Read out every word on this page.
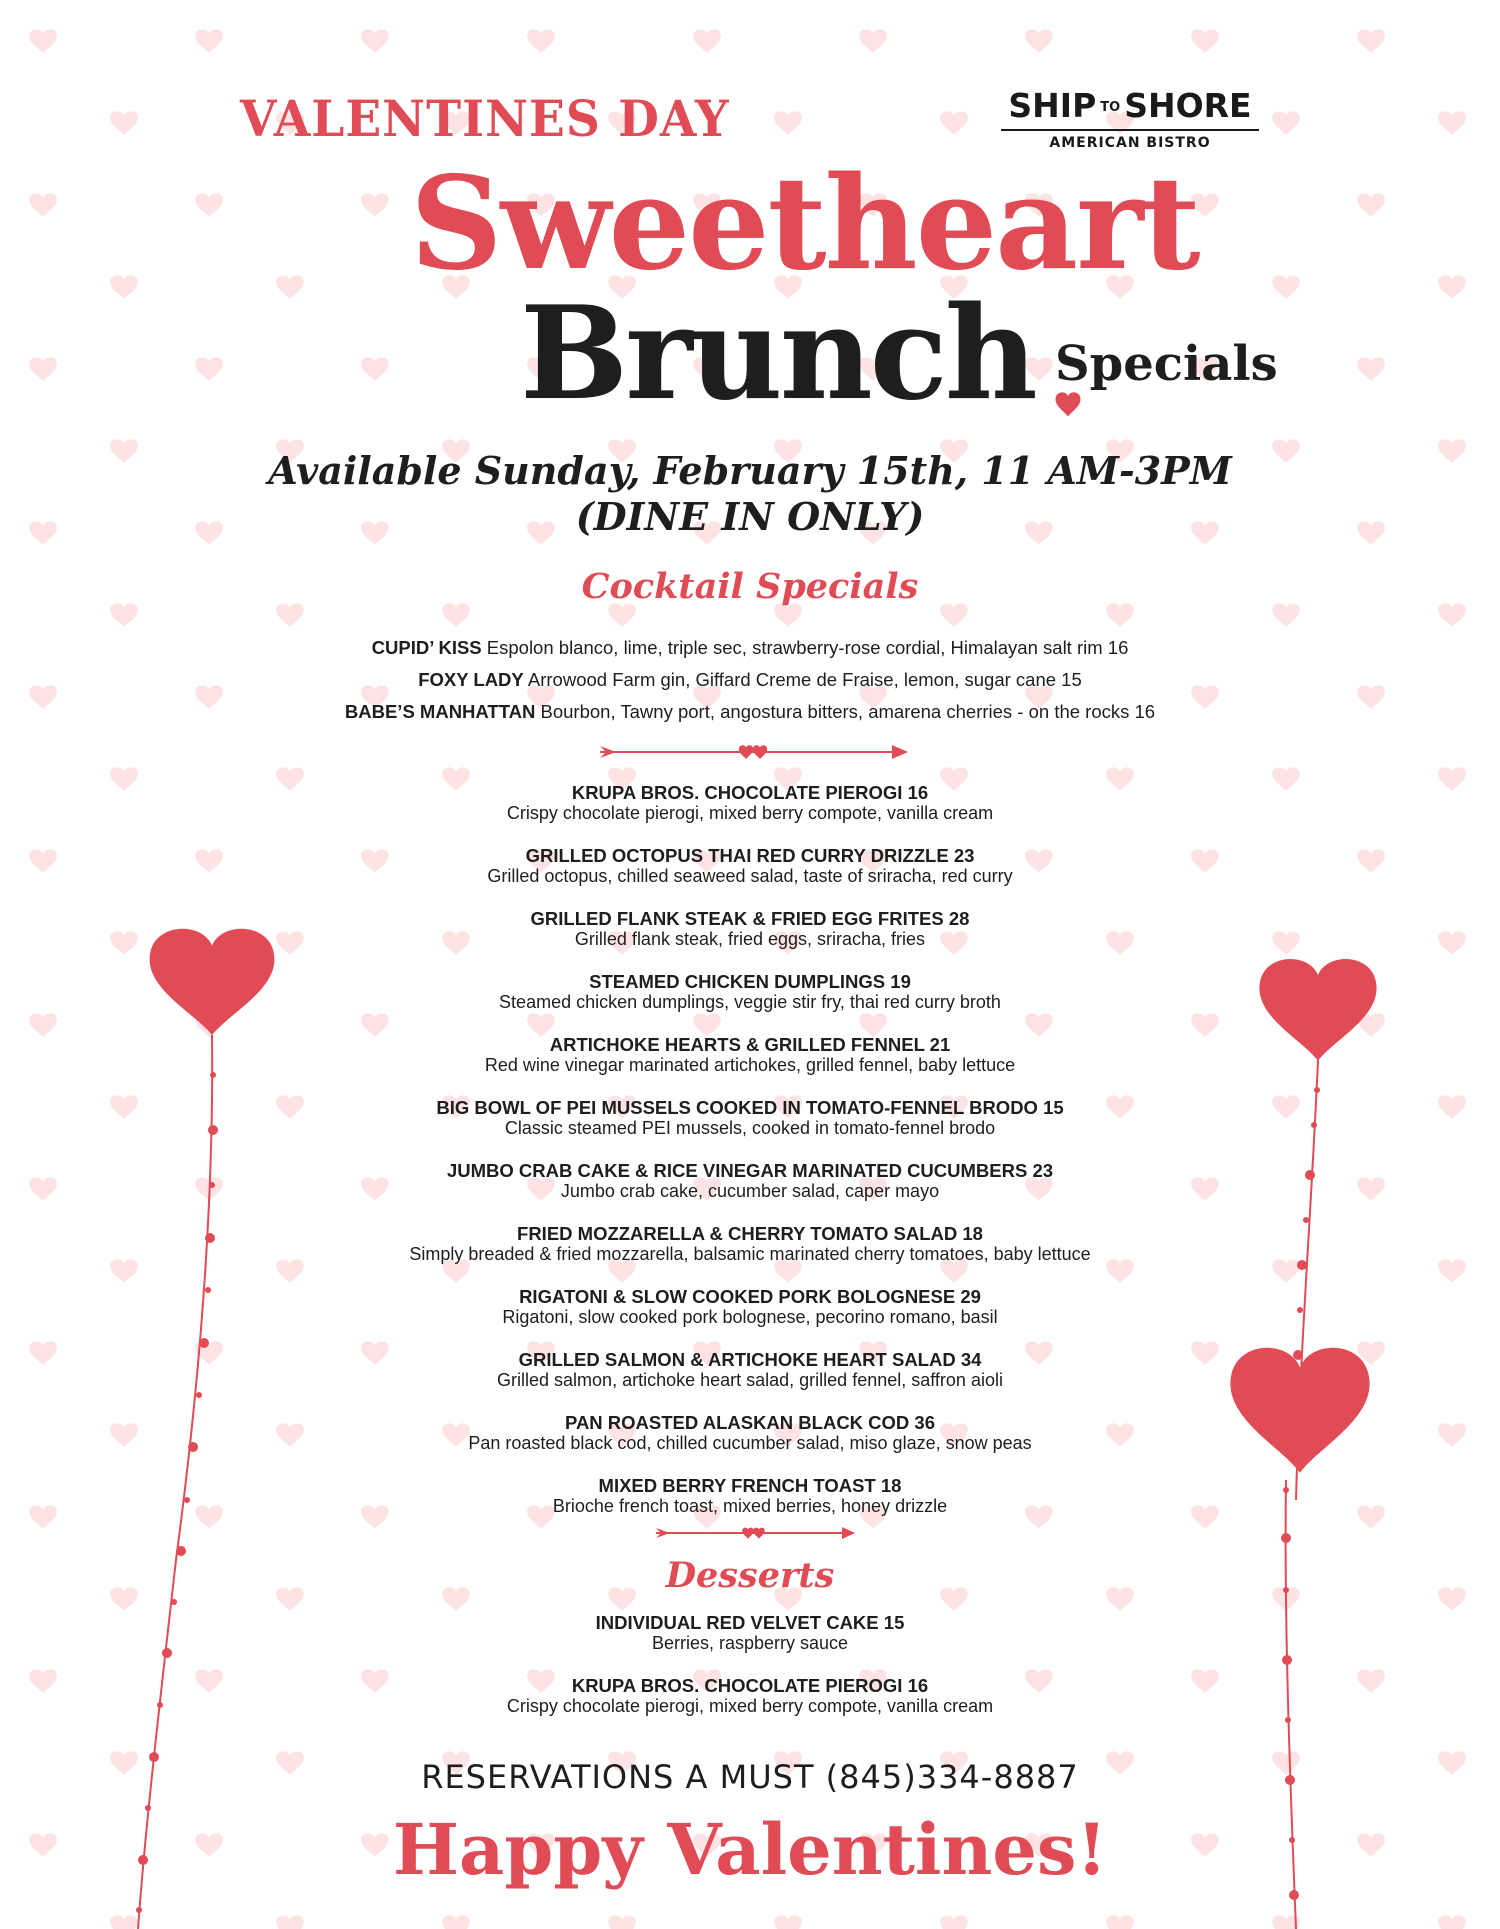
VALENTINES DAY	SHIP TO SHORE
AMERICAN BISTRO
Sweetheart
Brunch Specials
Available Sunday, February 15th, 11 AM-3PM
(DINE IN ONLY)
Cocktail Specials
CUPID’ KISS Espolon blanco, lime, triple sec, strawberry-rose cordial, Himalayan salt rim 16
FOXY LADY Arrowood Farm gin, Giffard Creme de Fraise, lemon, sugar cane 15
BABE’S MANHATTAN Bourbon, Tawny port, angostura bitters, amarena cherries - on the rocks 16
KRUPA BROS. CHOCOLATE PIEROGI 16
Crispy chocolate pierogi, mixed berry compote, vanilla cream
GRILLED OCTOPUS THAI RED CURRY DRIZZLE 23
Grilled octopus, chilled seaweed salad, taste of sriracha, red curry
GRILLED FLANK STEAK & FRIED EGG FRITES 28
Grilled flank steak, fried eggs, sriracha, fries
STEAMED CHICKEN DUMPLINGS 19
Steamed chicken dumplings, veggie stir fry, thai red curry broth
ARTICHOKE HEARTS & GRILLED FENNEL 21
Red wine vinegar marinated artichokes, grilled fennel, baby lettuce
BIG BOWL OF PEI MUSSELS COOKED IN TOMATO-FENNEL BRODO 15
Classic steamed PEI mussels, cooked in tomato-fennel brodo
JUMBO CRAB CAKE & RICE VINEGAR MARINATED CUCUMBERS 23
Jumbo crab cake, cucumber salad, caper mayo
FRIED MOZZARELLA & CHERRY TOMATO SALAD 18
Simply breaded & fried mozzarella, balsamic marinated cherry tomatoes, baby lettuce
RIGATONI & SLOW COOKED PORK BOLOGNESE 29
Rigatoni, slow cooked pork bolognese, pecorino romano, basil
GRILLED SALMON & ARTICHOKE HEART SALAD 34
Grilled salmon, artichoke heart salad, grilled fennel, saffron aioli
PAN ROASTED ALASKAN BLACK COD 36
Pan roasted black cod, chilled cucumber salad, miso glaze, snow peas
MIXED BERRY FRENCH TOAST 18
Brioche french toast, mixed berries, honey drizzle
Desserts
INDIVIDUAL RED VELVET CAKE 15
Berries, raspberry sauce
KRUPA BROS. CHOCOLATE PIEROGI 16
Crispy chocolate pierogi, mixed berry compote, vanilla cream
RESERVATIONS A MUST (845)334-8887
Happy Valentines!
